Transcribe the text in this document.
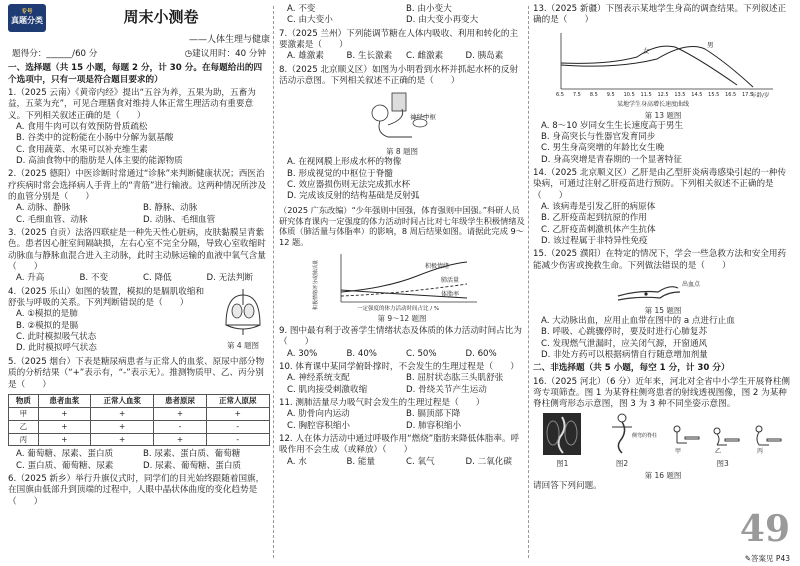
专号
真题分类	周末小测卷
——人体生理与健康
题得分：______/60 分	◷建议用时：40 分钟
一、选择题（共 15 小题，每题 2 分，计 30 分。在每题给出的四个选项中，只有一项是符合题目要求的）
1.（2025 云南）《黄帝内经》提出“五谷为养，五果为助，五畜为益，五菜为充”，可见合理膳食对维持人体正常生理活动有重要意义。下列相关叙述正确的是（　　）
A. 食用牛肉可以有效预防骨质疏松
B. 谷类中的淀粉能在小肠中分解为氨基酸
C. 食用蔬菜、水果可以补充维生素
D. 高油食物中的脂肪是人体主要的能源物质
2.（2025 德阳）中医诊断时常通过“诊脉”来判断健康状况；西医治疗疾病时常会选择病人手背上的“青筋”进行输液。这两种情况所涉及的血管分别是（　　）
A. 动脉、静脉	B. 静脉、动脉
C. 毛细血管、动脉	D. 动脉、毛细血管
3.（2025 自贡）法洛四联症是一种先天性心脏病，皮肤黏膜呈青紫色。患者因心脏室间隔缺损，左右心室不完全分隔，导致心室收缩时动脉血与静脉血混合进入主动脉，此时主动脉运输的血液中氧气含量（　　）
A. 升高	B. 不变	C. 降低	D. 无法判断
4.（2025 乐山）如图的装置，模拟的是膈肌收缩和舒张与呼吸的关系。下列判断错误的是（　　）
A. ①模拟的是肺
B. ②模拟的是膈
C. 此时模拟吸气状态
D. 此时模拟呼气状态	第 4 题图
5.（2025 烟台）下表是糖尿病患者与正常人的血浆、原尿中部分物质的分析结果（“+”表示有，“-”表示无）。推测物质甲、乙、丙分别是（　　）
物质	患者血浆	正常人血浆	患者原尿	正常人原尿
甲	+	+	+	+
乙	+	+	-	-
丙	+	+	+	-
A. 葡萄糖、尿素、蛋白质	B. 尿素、蛋白质、葡萄糖
C. 蛋白质、葡萄糖、尿素	D. 尿素、葡萄糖、蛋白质
6.（2025 新乡）举行升旗仪式时，同学们的目光始终跟随着国旗，在国旗由低部升到顶端的过程中，人眼中晶状体曲度的变化趋势是（　　）
A. 不变	B. 由小变大
C. 由大变小	D. 由大变小再变大
7.（2025 兰州）下列能调节糖在人体内吸收、利用和转化的主要激素是（　　）
A. 雄激素	B. 生长激素	C. 雌激素	D. 胰岛素
8.（2025 北京顺义区）如图为小明看到水杯并抓起水杯的反射活动示意图。下列相关叙述不正确的是（　　）
神经中枢
第 8 题图
A. 在视网膜上形成水杯的物像
B. 形成视觉的中枢位于脊髓
C. 效应器损伤则无法完成抓水杯
D. 完成该反射的结构基础是反射弧
（2025 广东改编）“少年强则中国强，体育强则中国强。”科研人员研究体育课内一定强度的体力活动时间占比对七年级学生积极情绪及体质（肺活量与体脂率）的影响，8 周后结果如图。请据此完成 9～12 题。
积极情绪评分或肺活量	积极情绪
肺活量
体脂率
一定强度的体力活动时间占比 / %
第 9～12 题图
9. 图中最有利于改善学生情绪状态及体质的体力活动时间占比为（　　）
A. 30%	B. 40%	C. 50%	D. 60%
10. 体育课中某同学俯卧撑时，不会发生的生理过程是（　　）
A. 神经系统支配	B. 屈肘状态肱三头肌舒张
C. 肌肉接受刺激收缩	D. 骨绕关节产生运动
11. 测肺活量尽力吸气时会发生的生理过程是（　　）
A. 肋骨向内运动	B. 膈顶部下降
C. 胸腔容积缩小	D. 肺容积缩小
12. 人在体力活动中通过呼吸作用“燃烧”脂肪来降低体脂率。呼吸作用不会生成（或释放）（　　）
A. 水	B. 能量	C. 氧气	D. 二氧化碳
13.（2025 新疆）下图表示某地学生身高的调查结果。下列叙述正确的是（　　）
女
男
6.5 7.5 8.5 9.5 10.5 11.5 12.5 13.5 14.5 15.5 16.5 17.5
年龄/岁
某地学生身高增长速度曲线
第 13 题图
A. 8～10 岁同女生生长速度高于男生
B. 身高突长与性器官发育同步
C. 男生身高突增的年龄比女生晚
D. 身高突增是青春期的一个显著特征
14.（2025 北京顺义区）乙肝是由乙型肝炎病毒感染引起的一种传染病，可通过注射乙肝疫苗进行预防。下列相关叙述不正确的是（　　）
A. 该病毒是引发乙肝的病原体
B. 乙肝疫苗起到抗原的作用
C. 乙肝疫苗刺激机体产生抗体
D. 该过程属于非特异性免疫
15.（2025 濮阳）在特定的情况下，学会一些急救方法和安全用药能减少伤害或挽救生命。下列做法错误的是（　　）
出血点
第 15 题图
A. 大动脉出血，应用止血带在图中的 a 点进行止血
B. 呼吸、心跳骤停时，要及时进行心肺复苏
C. 发现燃气泄漏时，应关闭气源，开窗通风
D. 非处方药可以根据病情自行随意增加剂量
二、非选择题（共 5 小题，每空 1 分，计 30 分）
16.（2025 河北）（6 分）近年来，河北对全省中小学生开展脊柱侧弯专项筛查。图 1 为某脊柱侧弯患者的射线透视图像，图 2 为某种脊柱侧弯形态示意图，图 3 为 3 种不同坐姿示意图。
图1
侧弯的脊柱
图2
甲	乙	丙
图3
第 16 题图
请回答下列问题。
49
✎答案见 P43
